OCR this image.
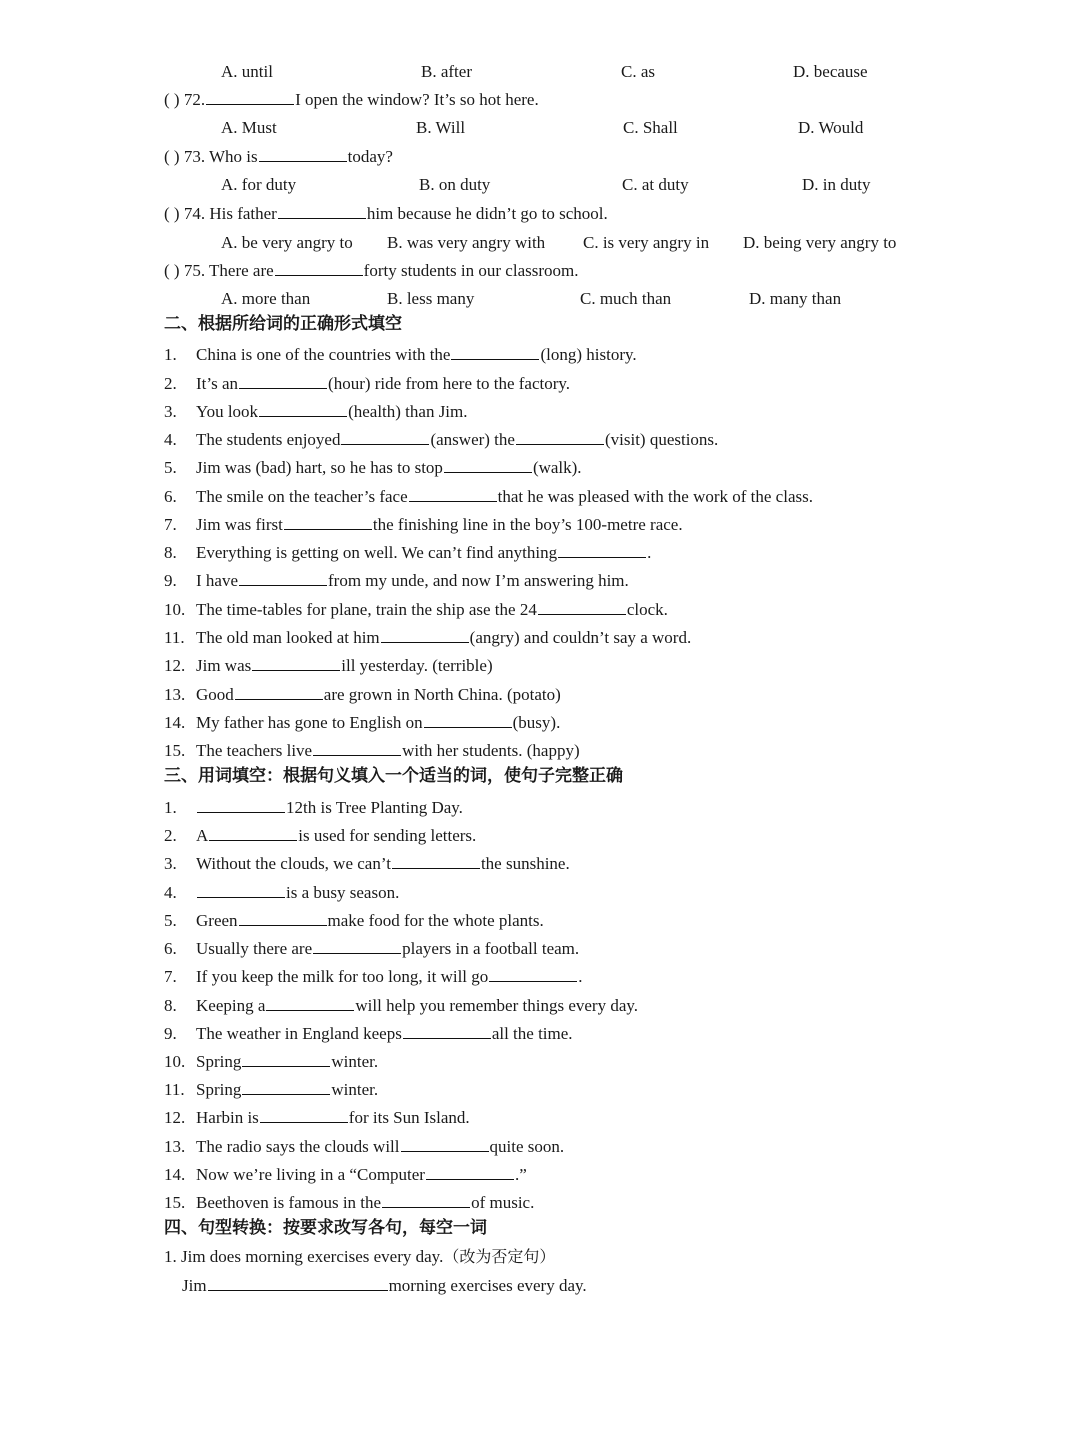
A. until	B. after	C. as	D. because
( ) 72.	I open the window? It’s so hot here.
A. Must	B. Will	C. Shall	D. Would
( ) 73. Who is	today?
A. for duty	B. on duty	C. at duty	D. in duty
( ) 74. His father	him because he didn’t go to school.
A. be very angry to B. was very angry with C. is very angry in D. being very angry to
( ) 75. There are	forty students in our classroom.
A. more than	B. less many	C. much than	D. many than
二、根据所给词的正确形式填空
1. China is one of the countries with the	(long) history.
2. It’s an	(hour) ride from here to the factory.
3. You look	(health) than Jim.
4. The students enjoyed	(answer) the	(visit) questions.
5. Jim was (bad) hart, so he has to stop	(walk).
6. The smile on the teacher’s face	that he was pleased with the work of the class.
7. Jim was first	the finishing line in the boy’s 100-metre race.
8. Everything is getting on well. We can’t find anything	.
9. I have	from my unde, and now I’m answering him.
10. The time-tables for plane, train the ship ase the 24	clock.
11. The old man looked at him	(angry) and couldn’t say a word.
12. Jim was	ill yesterday. (terrible)
13. Good	are grown in North China. (potato)
14. My father has gone to English on	(busy).
15. The teachers live	with her students. (happy)
三、用词填空：根据句义填入一个适当的词，使句子完整正确
1.	12th is Tree Planting Day.
2. A	is used for sending letters.
3. Without the clouds, we can’t	the sunshine.
4.	is a busy season.
5. Green	make food for the whote plants.
6. Usually there are	players in a football team.
7. If you keep the milk for too long, it will go	.
8. Keeping a	will help you remember things every day.
9. The weather in England keeps	all the time.
10. Spring	winter.
11. Spring	winter.
12. Harbin is	for its Sun Island.
13. The radio says the clouds will	quite soon.
14. Now we’re living in a “Computer	.”
15. Beethoven is famous in the	of music.
四、句型转换：按要求改写各句，每空一词
1. Jim does morning exercises every day.（改为否定句）
Jim	morning exercises every day.
